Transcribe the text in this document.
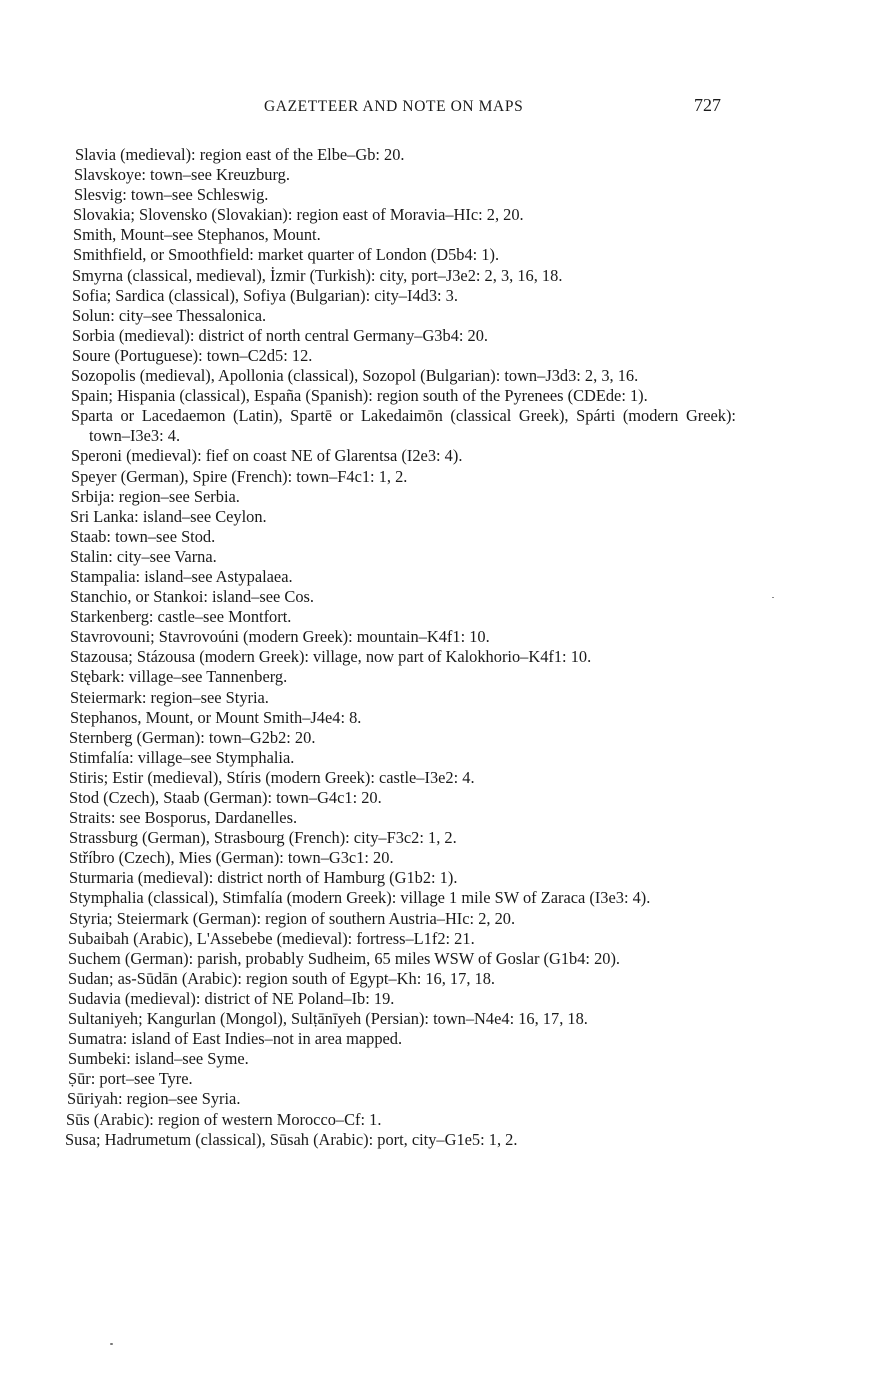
GAZETTEER AND NOTE ON MAPS	727
Slavia (medieval): region east of the Elbe–Gb: 20.
Slavskoye: town–see Kreuzburg.
Slesvig: town–see Schleswig.
Slovakia; Slovensko (Slovakian): region east of Moravia–HIc: 2, 20.
Smith, Mount–see Stephanos, Mount.
Smithfield, or Smoothfield: market quarter of London (D5b4: 1).
Smyrna (classical, medieval), İzmir (Turkish): city, port–J3e2: 2, 3, 16, 18.
Sofia; Sardica (classical), Sofiya (Bulgarian): city–I4d3: 3.
Solun: city–see Thessalonica.
Sorbia (medieval): district of north central Germany–G3b4: 20.
Soure (Portuguese): town–C2d5: 12.
Sozopolis (medieval), Apollonia (classical), Sozopol (Bulgarian): town–J3d3: 2, 3, 16.
Spain; Hispania (classical), España (Spanish): region south of the Pyrenees (CDEde: 1).
Sparta or Lacedaemon (Latin), Spartē or Lakedaimōn (classical Greek), Spárti (modern Greek): town–I3e3: 4.
Speroni (medieval): fief on coast NE of Glarentsa (I2e3: 4).
Speyer (German), Spire (French): town–F4c1: 1, 2.
Srbija: region–see Serbia.
Sri Lanka: island–see Ceylon.
Staab: town–see Stod.
Stalin: city–see Varna.
Stampalia: island–see Astypalaea.
Stanchio, or Stankoi: island–see Cos.
Starkenberg: castle–see Montfort.
Stavrovouni; Stavrovoúni (modern Greek): mountain–K4f1: 10.
Stazousa; Stázousa (modern Greek): village, now part of Kalokhorio–K4f1: 10.
Stębark: village–see Tannenberg.
Steiermark: region–see Styria.
Stephanos, Mount, or Mount Smith–J4e4: 8.
Sternberg (German): town–G2b2: 20.
Stimfalía: village–see Stymphalia.
Stiris; Estir (medieval), Stíris (modern Greek): castle–I3e2: 4.
Stod (Czech), Staab (German): town–G4c1: 20.
Straits: see Bosporus, Dardanelles.
Strassburg (German), Strasbourg (French): city–F3c2: 1, 2.
Stříbro (Czech), Mies (German): town–G3c1: 20.
Sturmaria (medieval): district north of Hamburg (G1b2: 1).
Stymphalia (classical), Stimfalía (modern Greek): village 1 mile SW of Zaraca (I3e3: 4).
Styria; Steiermark (German): region of southern Austria–HIc: 2, 20.
Subaibah (Arabic), L'Assebebe (medieval): fortress–L1f2: 21.
Suchem (German): parish, probably Sudheim, 65 miles WSW of Goslar (G1b4: 20).
Sudan; as-Sūdān (Arabic): region south of Egypt–Kh: 16, 17, 18.
Sudavia (medieval): district of NE Poland–Ib: 19.
Sultaniyeh; Kangurlan (Mongol), Sulṭānīyeh (Persian): town–N4e4: 16, 17, 18.
Sumatra: island of East Indies–not in area mapped.
Sumbeki: island–see Syme.
Ṣūr: port–see Tyre.
Sūriyah: region–see Syria.
Sūs (Arabic): region of western Morocco–Cf: 1.
Susa; Hadrumetum (classical), Sūsah (Arabic): port, city–G1e5: 1, 2.
